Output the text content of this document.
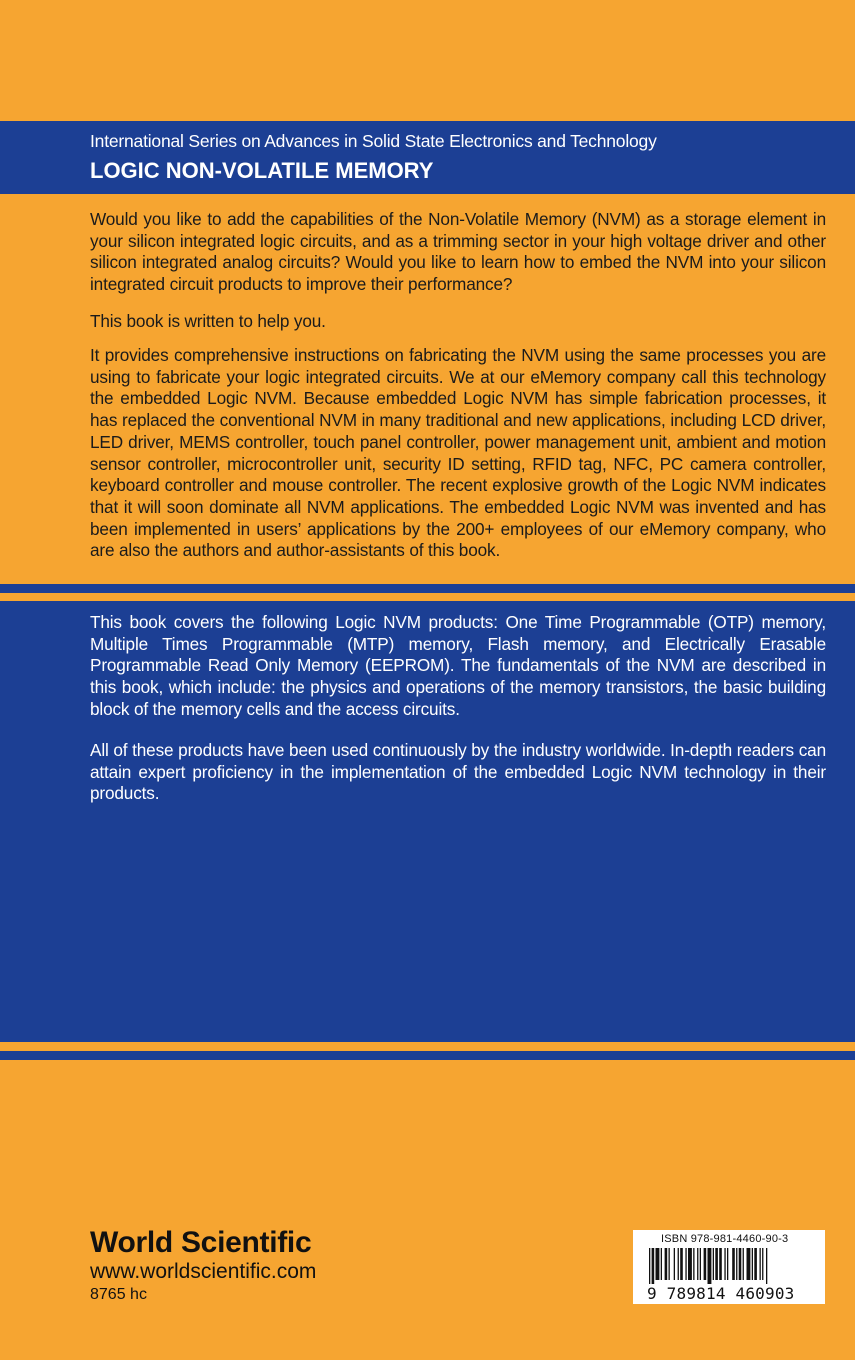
International Series on Advances in Solid State Electronics and Technology
LOGIC NON-VOLATILE MEMORY

Would you like to add the capabilities of the Non-Volatile Memory (NVM) as a storage element in your silicon integrated logic circuits, and as a trimming sector in your high voltage driver and other silicon integrated analog circuits? Would you like to learn how to embed the NVM into your silicon integrated circuit products to improve their performance?

This book is written to help you.

It provides comprehensive instructions on fabricating the NVM using the same processes you are using to fabricate your logic integrated circuits. We at our eMemory company call this technology the embedded Logic NVM. Because embedded Logic NVM has simple fabrication processes, it has replaced the conventional NVM in many traditional and new applications, including LCD driver, LED driver, MEMS controller, touch panel controller, power management unit, ambient and motion sensor controller, microcontroller unit, security ID setting, RFID tag, NFC, PC camera controller, keyboard controller and mouse controller. The recent explosive growth of the Logic NVM indicates that it will soon dominate all NVM applications. The embedded Logic NVM was invented and has been implemented in users’ applications by the 200+ employees of our eMemory company, who are also the authors and author-assistants of this book.

This book covers the following Logic NVM products: One Time Programmable (OTP) memory, Multiple Times Programmable (MTP) memory, Flash memory, and Electrically Erasable Programmable Read Only Memory (EEPROM). The fundamentals of the NVM are described in this book, which include: the physics and operations of the memory transistors, the basic building block of the memory cells and the access circuits.

All of these products have been used continuously by the industry worldwide. In-depth readers can attain expert proficiency in the implementation of the embedded Logic NVM technology in their products.

World Scientific
www.worldscientific.com
8765 hc
ISBN 978-981-4460-90-3
9 789814 460903
